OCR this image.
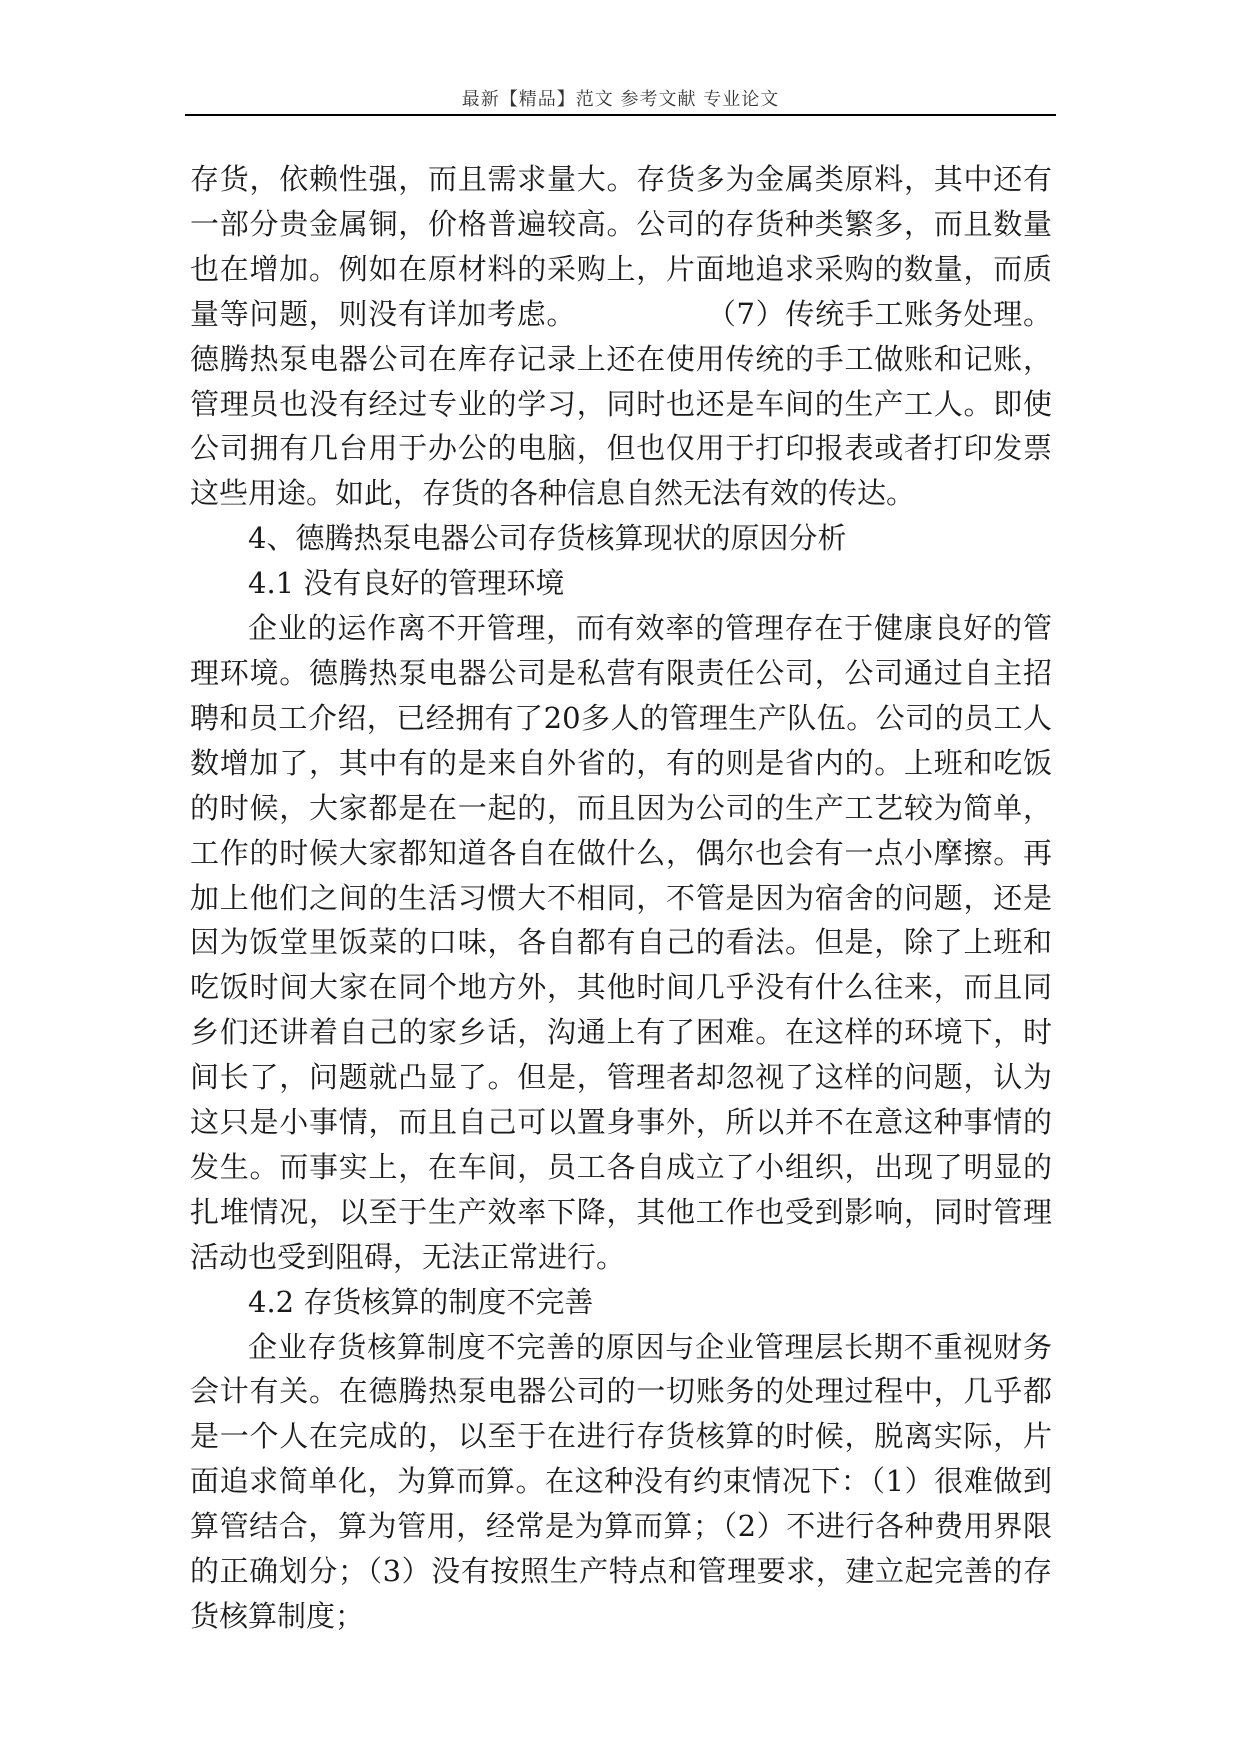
最新【精品】范文 参考文献 专业论文

存货，依赖性强，而且需求量大。存货多为金属类原料，其中还有一部分贵金属铜，价格普遍较高。公司的存货种类繁多，而且数量也在增加。例如在原材料的采购上，片面地追求采购的数量，而质量等问题，则没有详加考虑。	（7）传统手工账务处理。德腾热泵电器公司在库存记录上还在使用传统的手工做账和记账，管理员也没有经过专业的学习，同时也还是车间的生产工人。即使公司拥有几台用于办公的电脑，但也仅用于打印报表或者打印发票这些用途。如此，存货的各种信息自然无法有效的传达。

4、德腾热泵电器公司存货核算现状的原因分析

4.1 没有良好的管理环境

企业的运作离不开管理，而有效率的管理存在于健康良好的管理环境。德腾热泵电器公司是私营有限责任公司，公司通过自主招聘和员工介绍，已经拥有了20多人的管理生产队伍。公司的员工人数增加了，其中有的是来自外省的，有的则是省内的。上班和吃饭的时候，大家都是在一起的，而且因为公司的生产工艺较为简单，工作的时候大家都知道各自在做什么，偶尔也会有一点小摩擦。再加上他们之间的生活习惯大不相同，不管是因为宿舍的问题，还是因为饭堂里饭菜的口味，各自都有自己的看法。但是，除了上班和吃饭时间大家在同个地方外，其他时间几乎没有什么往来，而且同乡们还讲着自己的家乡话，沟通上有了困难。在这样的环境下，时间长了，问题就凸显了。但是，管理者却忽视了这样的问题，认为这只是小事情，而且自己可以置身事外，所以并不在意这种事情的发生。而事实上，在车间，员工各自成立了小组织，出现了明显的扎堆情况，以至于生产效率下降，其他工作也受到影响，同时管理活动也受到阻碍，无法正常进行。

4.2 存货核算的制度不完善

企业存货核算制度不完善的原因与企业管理层长期不重视财务会计有关。在德腾热泵电器公司的一切账务的处理过程中，几乎都是一个人在完成的，以至于在进行存货核算的时候，脱离实际，片面追求简单化，为算而算。在这种没有约束情况下：（1）很难做到算管结合，算为管用，经常是为算而算；（2）不进行各种费用界限的正确划分；（3）没有按照生产特点和管理要求，建立起完善的存货核算制度；
